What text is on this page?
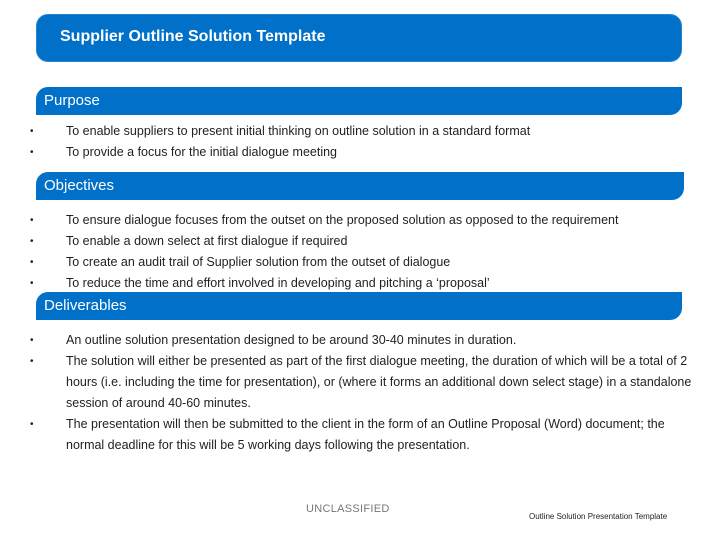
Supplier Outline Solution Template
Purpose
•	To enable suppliers to present initial thinking on outline solution in a standard format
•	To provide a focus for the initial dialogue meeting
Objectives
•	To ensure dialogue focuses from the outset on the proposed solution as opposed to the requirement
•	To enable a down select at first dialogue if required
•	To create an audit trail of Supplier solution from the outset of dialogue
•	To reduce the time and effort involved in developing and pitching a ‘proposal’
Deliverables
•	An outline solution presentation designed to be around 30-40 minutes in duration.
•	The solution will either be presented as part of the first dialogue meeting, the duration of which will be a total of 2 hours (i.e. including the time for presentation), or (where it forms an additional down select stage) in a standalone session of around 40-60 minutes.
•	The presentation will then be submitted to the client in the form of an Outline Proposal (Word) document; the normal deadline for this will be 5 working days following the presentation.
UNCLASSIFIED
Outline Solution Presentation Template
